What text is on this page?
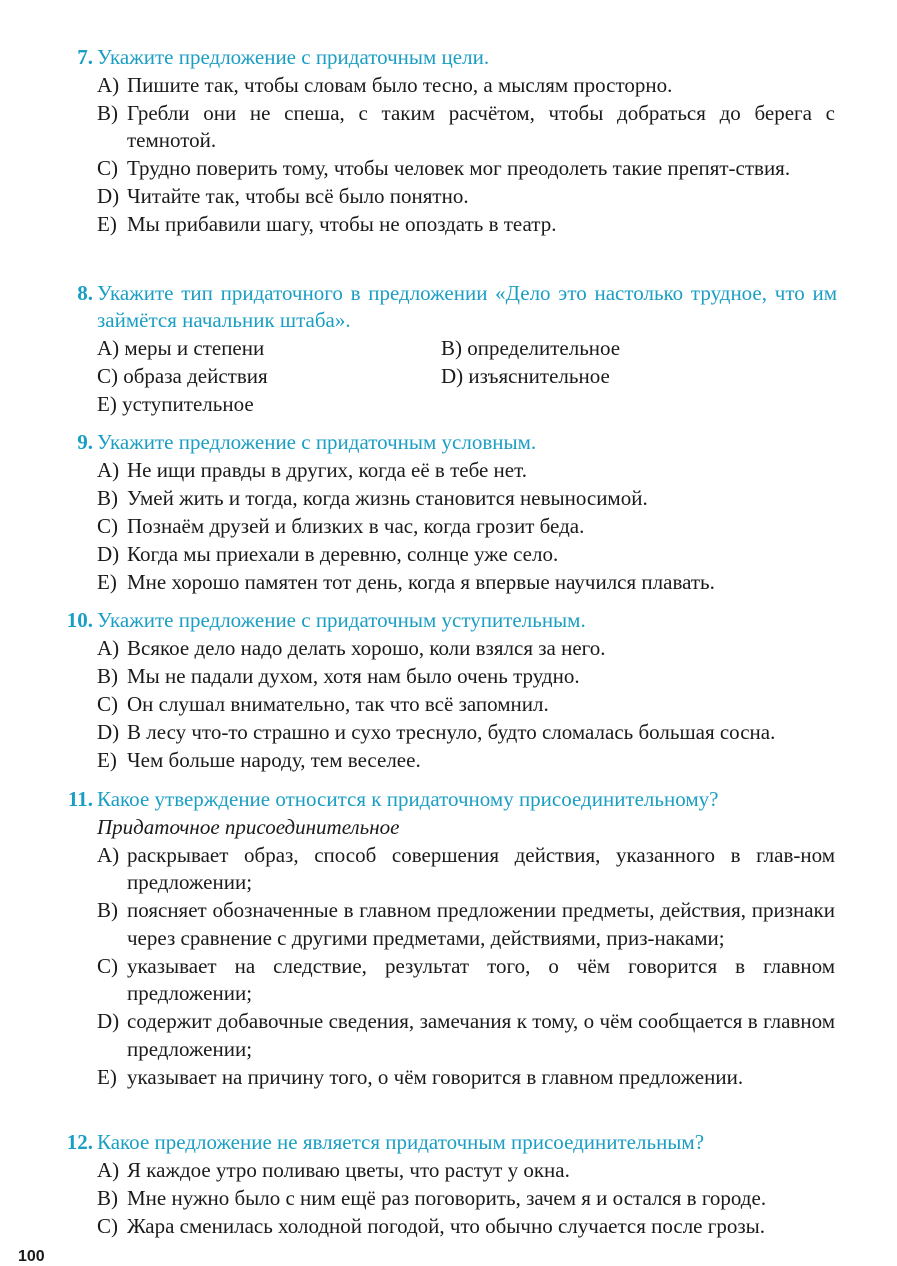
7. Укажите предложение с придаточным цели.
A) Пишите так, чтобы словам было тесно, а мыслям просторно.
B) Гребли они не спеша, с таким расчётом, чтобы добраться до берега с темнотой.
C) Трудно поверить тому, чтобы человек мог преодолеть такие препят-ствия.
D) Читайте так, чтобы всё было понятно.
E) Мы прибавили шагу, чтобы не опоздать в театр.
8. Укажите тип придаточного в предложении «Дело это настолько трудное, что им займётся начальник штаба».
A) меры и степени	B) определительное
C) образа действия	D) изъяснительное
E) уступительное
9. Укажите предложение с придаточным условным.
A) Не ищи правды в других, когда её в тебе нет.
B) Умей жить и тогда, когда жизнь становится невыносимой.
C) Познаём друзей и близких в час, когда грозит беда.
D) Когда мы приехали в деревню, солнце уже село.
E) Мне хорошо памятен тот день, когда я впервые научился плавать.
10. Укажите предложение с придаточным уступительным.
A) Всякое дело надо делать хорошо, коли взялся за него.
B) Мы не падали духом, хотя нам было очень трудно.
C) Он слушал внимательно, так что всё запомнил.
D) В лесу что-то страшно и сухо треснуло, будто сломалась большая сосна.
E) Чем больше народу, тем веселее.
11. Какое утверждение относится к придаточному присоединительному?
Придаточное присоединительное
A) раскрывает образ, способ совершения действия, указанного в глав-ном предложении;
B) поясняет обозначенные в главном предложении предметы, действия, признаки через сравнение с другими предметами, действиями, приз-наками;
C) указывает на следствие, результат того, о чём говорится в главном предложении;
D) содержит добавочные сведения, замечания к тому, о чём сообщается в главном предложении;
E) указывает на причину того, о чём говорится в главном предложении.
12. Какое предложение не является придаточным присоединительным?
A) Я каждое утро поливаю цветы, что растут у окна.
B) Мне нужно было с ним ещё раз поговорить, зачем я и остался в городе.
C) Жара сменилась холодной погодой, что обычно случается после грозы.
100
